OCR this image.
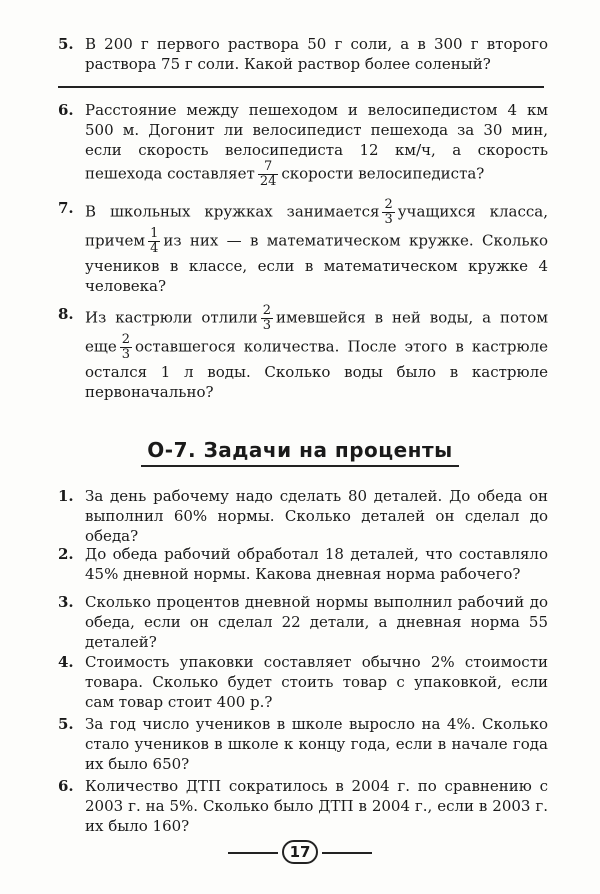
5. В 200 г первого раствора 50 г соли, а в 300 г второго раствора 75 г соли. Какой раствор более соленый?
6. Расстояние между пешеходом и велосипедистом 4 км 500 м. Догонит ли велосипедист пешехода за 30 мин, если скорость велосипедиста 12 км/ч, а скорость пешехода составляет $\frac{7}{24}$ скорости велосипедиста?
7. В школьных кружках занимается $\frac{2}{3}$ учащихся класса, причем $\frac{1}{4}$ из них — в математическом кружке. Сколько учеников в классе, если в математическом кружке 4 человека?
8. Из кастрюли отлили $\frac{2}{3}$ имевшейся в ней воды, а потом еще $\frac{2}{3}$ оставшегося количества. После этого в кастрюле остался 1 л воды. Сколько воды было в кастрюле первоначально?
О-7. Задачи на проценты
1. За день рабочему надо сделать 80 деталей. До обеда он выполнил 60% нормы. Сколько деталей он сделал до обеда?
2. До обеда рабочий обработал 18 деталей, что составляло 45% дневной нормы. Какова дневная норма рабочего?
3. Сколько процентов дневной нормы выполнил рабочий до обеда, если он сделал 22 детали, а дневная норма 55 деталей?
4. Стоимость упаковки составляет обычно 2% стоимости товара. Сколько будет стоить товар с упаковкой, если сам товар стоит 400 р.?
5. За год число учеников в школе выросло на 4%. Сколько стало учеников в школе к концу года, если в начале года их было 650?
6. Количество ДТП сократилось в 2004 г. по сравнению с 2003 г. на 5%. Сколько было ДТП в 2004 г., если в 2003 г. их было 160?
17
